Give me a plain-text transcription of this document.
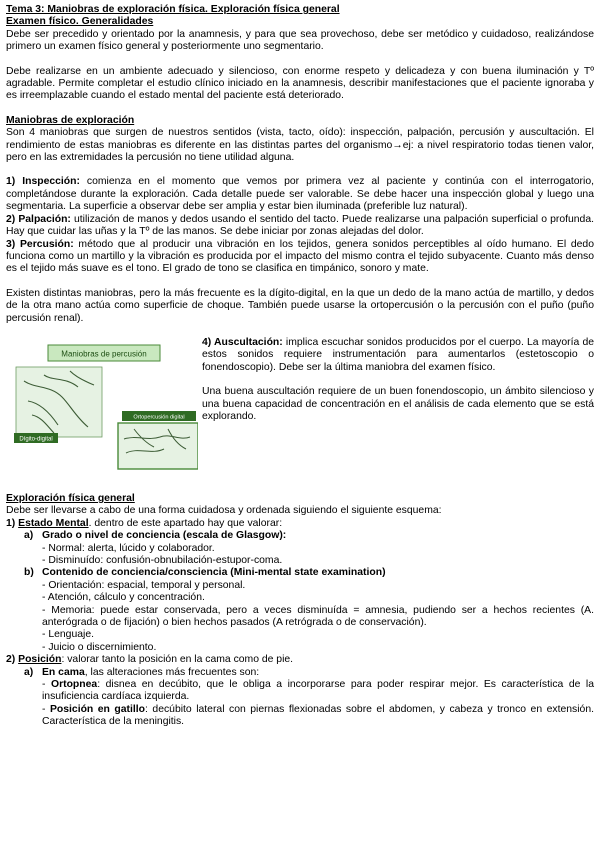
Tema 3: Maniobras de exploración física. Exploración física general

Examen físico. Generalidades

Debe ser precedido y orientado por la anamnesis, y para que sea provechoso, debe ser metódico y cuidadoso, realizándose primero un examen físico general y posteriormente uno segmentario.

Debe realizarse en un ambiente adecuado y silencioso, con enorme respeto y delicadeza y con buena iluminación y Tº agradable. Permite completar el estudio clínico iniciado en la anamnesis, describir manifestaciones que el paciente ignoraba y es irreemplazable cuando el estado mental del paciente está deteriorado.

Maniobras de exploración

Son 4 maniobras que surgen de nuestros sentidos (vista, tacto, oído): inspección, palpación, percusión y auscultación. El rendimiento de estas maniobras es diferente en las distintas partes del organismo→ej: a nivel respiratorio todas tienen valor, pero en las extremidades la percusión no tiene utilidad alguna.

1) Inspección: comienza en el momento que vemos por primera vez al paciente y continúa con el interrogatorio, completándose durante la exploración. Cada detalle puede ser valorable. Se debe hacer una inspección global y luego una segmentaria. La superficie a observar debe ser amplia y estar bien iluminada (preferible luz natural).

2) Palpación: utilización de manos y dedos usando el sentido del tacto. Puede realizarse una palpación superficial o profunda. Hay que cuidar las uñas y la Tº de las manos. Se debe iniciar por zonas alejadas del dolor.

3) Percusión: método que al producir una vibración en los tejidos, genera sonidos perceptibles al oído humano. El dedo funciona como un martillo y la vibración es producida por el impacto del mismo contra el tejido subyacente. Cuanto más denso es el tejido más suave es el tono. El grado de tono se clasifica en timpánico, sonoro y mate.

Existen distintas maniobras, pero la más frecuente es la dígito-digital, en la que un dedo de la mano actúa de martillo, y dedos de la otra mano actúa como superficie de choque. También puede usarse la ortopercusión o la percusión con el puño (puño percusión renal).

Maniobras de percusión
Dígito-digital
Ortopercusión digital

4) Auscultación: implica escuchar sonidos producidos por el cuerpo. La mayoría de estos sonidos requiere instrumentación para aumentarlos (estetoscopio o fonendoscopio). Debe ser la última maniobra del examen físico.

Una buena auscultación requiere de un buen fonendoscopio, un ámbito silencioso y una buena capacidad de concentración en el análisis de cada elemento que se está explorando.

Exploración física general

Debe ser llevarse a cabo de una forma cuidadosa y ordenada siguiendo el siguiente esquema:

1) Estado Mental. dentro de este apartado hay que valorar:

a) Grado o nivel de conciencia (escala de Glasgow):

- Normal: alerta, lúcido y colaborador.

- Disminuído: confusión-obnubilación-estupor-coma.

b) Contenido de conciencia/consciencia (Mini-mental state examination)

- Orientación: espacial, temporal y personal.

- Atención, cálculo y concentración.

- Memoria: puede estar conservada, pero a veces disminuída = amnesia, pudiendo ser a hechos recientes (A. anterógrada o de fijación) o bien hechos pasados (A retrógrada o de conservación).

- Lenguaje.

- Juicio o discernimiento.

2) Posición: valorar tanto la posición en la cama como de pie.

a) En cama, las alteraciones más frecuentes son:

- Ortopnea: disnea en decúbito, que le obliga a incorporarse para poder respirar mejor. Es característica de la insuficiencia cardíaca izquierda.

- Posición en gatillo: decúbito lateral con piernas flexionadas sobre el abdomen, y cabeza y tronco en extensión. Característica de la meningitis.
